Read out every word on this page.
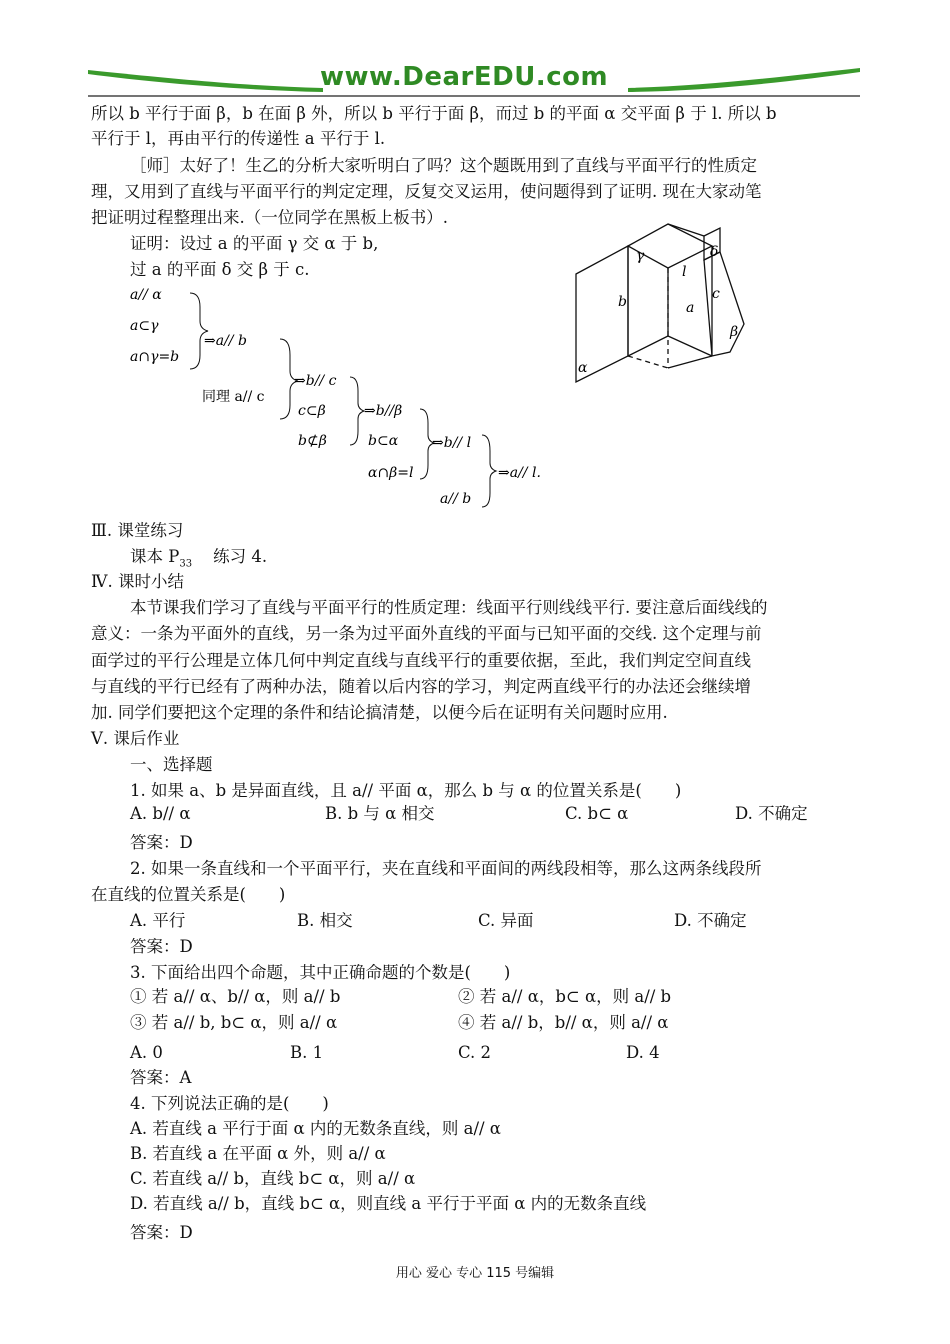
www.DearEDU.com
所以 b 平行于面 β，b 在面 β 外，所以 b 平行于面 β，而过 b 的平面 α 交平面 β 于 l. 所以 b
平行于 l，再由平行的传递性 a 平行于 l.
［师］太好了！生乙的分析大家听明白了吗？这个题既用到了直线与平面平行的性质定
理，又用到了直线与平面平行的判定定理，反复交叉运用，使问题得到了证明. 现在大家动笔
把证明过程整理出来.（一位同学在黑板上板书）.
证明：设过 a 的平面 γ 交 α 于 b,
过 a 的平面 δ 交 β 于 c.
a// α
a⊂γ
a∩γ=b
⇒a// b
同理 a// c
⇒b// c
c⊂β
b⊄β
⇒b//β
b⊂α
α∩β=l
⇒b// l
a// b
⇒a// l.
γ	δ
l
b	a
c
β
α
Ⅲ. 课堂练习
课本 $P_{33}$ 练习 4.
Ⅳ. 课时小结
本节课我们学习了直线与平面平行的性质定理：线面平行则线线平行. 要注意后面线线的
意义：一条为平面外的直线，另一条为过平面外直线的平面与已知平面的交线. 这个定理与前
面学过的平行公理是立体几何中判定直线与直线平行的重要依据，至此，我们判定空间直线
与直线的平行已经有了两种办法，随着以后内容的学习，判定两直线平行的办法还会继续增
加. 同学们要把这个定理的条件和结论搞清楚，以便今后在证明有关问题时应用.
Ⅴ. 课后作业
一、选择题
1. 如果 a、b 是异面直线，且 a// 平面 α，那么 b 与 α 的位置关系是(　　)
A. b// α	B. b 与 α 相交	C. b⊂ α	D. 不确定
答案：D
2. 如果一条直线和一个平面平行，夹在直线和平面间的两线段相等，那么这两条线段所
在直线的位置关系是(　　)
A. 平行	B. 相交	C. 异面	D. 不确定
答案：D
3. 下面给出四个命题，其中正确命题的个数是(　　)
① 若 a// α、b// α，则 a// b	② 若 a// α，b⊂ α，则 a// b
③ 若 a// b, b⊂ α，则 a// α	④ 若 a// b，b// α，则 a// α
A. 0	B. 1	C. 2	D. 4
答案：A
4. 下列说法正确的是(　　)
A. 若直线 a 平行于面 α 内的无数条直线，则 a// α
B. 若直线 a 在平面 α 外，则 a// α
C. 若直线 a// b，直线 b⊂ α，则 a// α
D. 若直线 a// b，直线 b⊂ α，则直线 a 平行于平面 α 内的无数条直线
答案：D
用心 爱心 专心 115 号编辑
